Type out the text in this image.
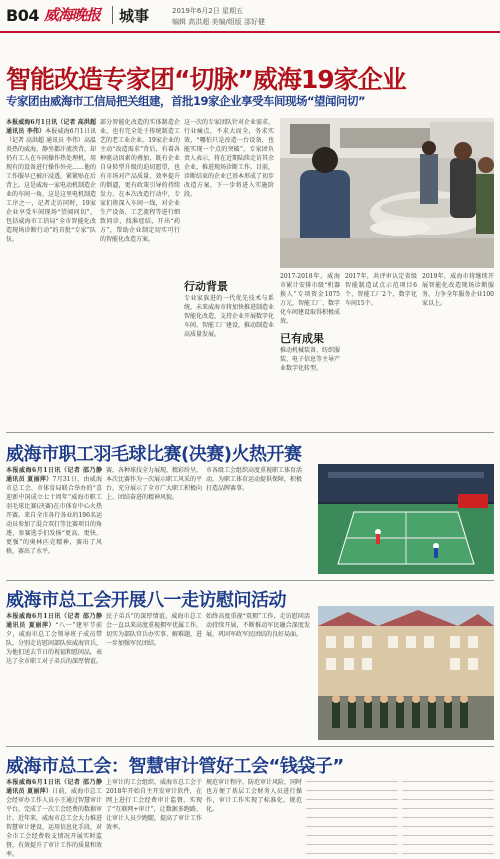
B04 威海晚报 城事	2019年6月2日 星期五
编辑 高洪超 美编/组版 邵好健
智能改造专家团“切脉”威海19家企业
专家团由威海市工信局把关组建，首批19家企业享受车间现场“望闻问切”
本报威海6月1日讯（记者 高洪超 通讯员 李伟）本报威海6月1日讯（记者 高洪超 通讯员 李伟）高温炎热的威海，静坐都汗流浃背，却仍有工人在车间操作热处理机，用现有的设备进行操作外壳……他的工作服早已被汗浸透，紧紧贴在后背上。这是威海一家电动机制造企业的车间一角，这是这里电机制造工序之一，记者走访同时，19家企业享受车间现场“望闻问切”，包括威海市工信局“全市智能化改造现场诊断行动”的首批“专家”队伍。
部分智能化改造的实体制造企业，也有完全处于传统制造工艺的老工业企业。19家企业的主动“改造需求”背后，有着各种驱动因素的叠加，既有企业自身转型升级的迫切愿望，也有市场对产品质量、效率提升的倒逼，更有政策引导的持续发力。在本次改造行动中，专家们将深入车间一线，对企业生产设备、工艺流程等进行细致问诊，找准症结，开出“药方”，帮助企业制定切实可行的智能化改造方案。
这一次的专家团队针对企业需求，行业痛点，不求大而全，务求实效，“哪怕只是改造一台设备，也能实现一个点的突破”，专家团负责人表示，将在近期陆续走访其余企业，推进现场诊断工作。目前，诊断结束的企业已基本形成了初步改造方案，下一步将进入实施阶段。
行动背景
已有成果
专业家族进的一代优先技术与系统，未来威海市将加快推进制造业智能化改造，支持企业开展数字化车间、智能工厂建设，推动制造业高质量发展。
2017-2018年，威海市累计安排市级“机器换人”专项资金1075万元，智能工厂、数字化车间建设取得积极成效。
推动机械装备、纺织服装、电子信息等主导产业数字化转型。
2017年，共评审认定省级智能制造试点示范项目6个，智能工厂2个，数字化车间15个。
2019年，威海市将继续开展智能化改造现场诊断服务，力争全年服务企业100家以上。
威海市职工羽毛球比赛(决赛)火热开赛
本报威海6月1日讯（记者 邵乃静 通讯员 夏丽萍）7月31日，由威海市总工会、市体育局联合举办的“喜迎新中国成立七十周年”威海市职工羽毛球比赛(决赛)在市体育中心火热开赛。来自全市各行各业的196名运动员参加了混合双打等比赛项目的角逐，参赛选手们发扬“更高、更快、更强”的奥林匹克精神，赛出了风格，赛出了水平。
赛，各种球技全力展现，精彩纷呈，本次比赛作为一次展示职工风采的平台，充分展示了全市广大职工积极向上、团结奋进的精神风貌。
市各级工会组织高度重视职工体育活动，为职工体育运动提供保障，积极打造品牌赛事。
威海市总工会开展八一走访慰问活动
本报威海6月1日讯（记者 邵乃静 通讯员 夏丽萍）“八一”建军节前夕，威海市总工会领导班子成员带队，分别走访慰问部队驻威海官兵，为他们送去节日的祝福和慰问品，表达了全市职工对子弟兵的深厚情谊。
民子弟兵”的深厚情谊，威海市总工会一直以来高度重视拥军优属工作，切实为部队官兵办实事、解难题，进一步加强军民团结。
始终高度重视“双拥”工作，走访慰问活动持续开展，不断推动军民融合深度发展，巩固军政军民团结的良好局面。
威海市总工会：智慧审计管好工会“钱袋子”
本报威海6月1日讯（记者 邵乃静 通讯员 夏丽萍）日前，威海市总工会经审办工作人员小王通过智慧审计平台，完成了一次工会经费的数据审计。近年来，威海市总工会大力推进智慧审计建设，运用信息化手段，对全市工会经费收支情况开展实时监督，有效提升了审计工作的质量和效率。
上审计的工会组织，威海市总工会于2018年开始自主开发审计软件，在网上进行工会经费审计监督，实现了“互联网+审计”，让数据多跑路，让审计人员少跑腿，提高了审计工作效率。
规范审计程序，防范审计风险，同时也方便了基层工会财务人员进行操作，审计工作实现了标准化、规范化。
